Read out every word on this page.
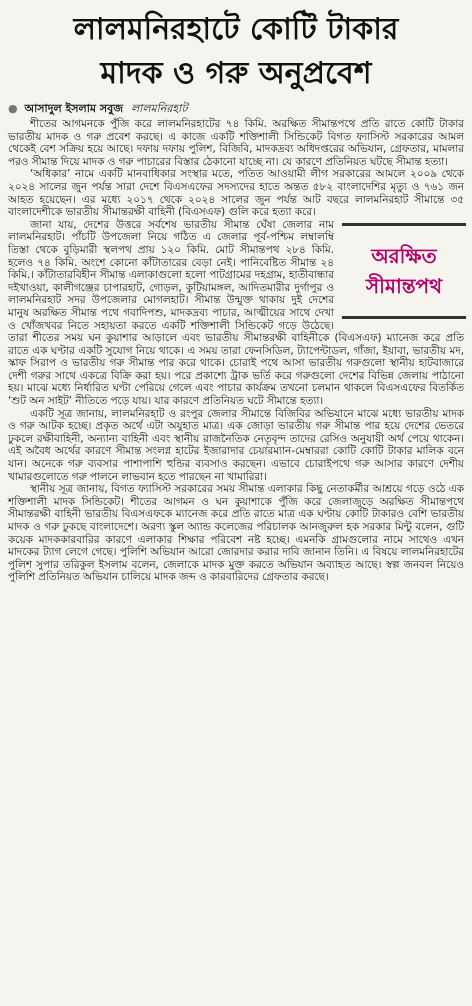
লালমনিরহাটে কোটি টাকার
মাদক ও গরু অনুপ্রবেশ
● আসাদুল ইসলাম সবুজ লালমনিরহাট

শীতের আগমনকে পুঁজি করে লালমনিরহাটের ৭৪ কিমি. অরক্ষিত সীমান্তপথে প্রতি রাতে কোটি টাকার ভারতীয় মাদক ও গরু প্রবেশ করছে। এ কাজে একটি শক্তিশালী সিন্ডিকেট বিগত ফ্যাসিস্ট সরকারের আমল থেকেই বেশ সক্রিয় হয়ে আছে। দফায় দফায় পুলিশ, বিজিবি, মাদকদ্রব্য অধিদপ্তরের অভিযান, গ্রেফতার, মামলার পরও সীমান্ত দিয়ে মাদক ও গরু পাচারের বিস্তার ঠেকানো যাচ্ছে না। যে কারণে প্রতিনিয়ত ঘটছে সীমান্ত হত্যা।

‘অধিকার’ নামে একটি মানবাধিকার সংস্থার মতে, পতিত আওয়ামী লীগ সরকারের আমলে ২০০৯ থেকে ২০২৪ সালের জুন পর্যন্ত সারা দেশে বিএসএফের সদস্যদের হাতে অন্তত ৫৮২ বাংলাদেশির মৃত্যু ও ৭৬১ জন আহত হয়েছেন। এর মধ্যে ২০১৭ থেকে ২০২৪ সালের জুন পর্যন্ত আট বছরে লালমনিরহাট সীমান্তে ৩৫ বাংলাদেশীকে ভারতীয় সীমান্তরক্ষী বাহিনী (বিএসএফ) গুলি করে হত্যা করে।

অরক্ষিত
সীমান্তপথ

জানা যায়, দেশের উত্তরে সর্বশেষ ভারতীয় সীমান্ত ঘেঁষা জেলার নাম লালমনিরহাট। পাঁচটি উপজেলা নিয়ে গঠিত এ জেলার পূর্ব-পশ্চিম লম্বালম্বি তিস্তা থেকে বুড়িমারী স্থলপথ প্রায় ১২০ কিমি. মোট সীমান্তপথ ২৮৪ কিমি. হলেও ৭৪ কিমি. অংশে কোনো কাঁটাতারের বেড়া নেই। পানিবেষ্টিত সীমান্ত ২৪ কিমি.। কাঁটাতারবিহীন সীমান্ত এলাকাগুলো হলো পাটগ্রামের দহগ্রাম, হাতীবান্ধার দইখাওয়া, কালীগঞ্জের চাপারহাট, গোড়ল, কুটিয়ামঙ্গল, আদিতমারীর দুর্গাপুর ও লালমনিরহাট সদর উপজেলার মোগলহাট। সীমান্ত উন্মুক্ত থাকায় দুই দেশের মানুষ অরক্ষিত সীমান্ত পথে গবাদিপশু, মাদকদ্রব্য পাচার, আত্মীয়ের সাথে দেখা ও খোঁজখবর নিতে সহায়তা করতে একটি শক্তিশালী সিন্ডিকেট গড়ে উঠেছে। তারা শীতের সময় ঘন কুয়াশার আড়ালে এবং ভারতীয় সীমান্তরক্ষী বাহিনীকে (বিএসএফ) ম্যানেজ করে প্রতি রাতে এক ঘণ্টার একটি সুযোগ নিয়ে থাকে। এ সময় তারা ফেনসিডিল, ট্যাপেন্টাডল, গাঁজা, ইয়াবা, ভারতীয় মদ, স্কাফ সিরাপ ও ভারতীয় গরু সীমান্ত পার করে থাকে। চোরাই পথে আসা ভারতীয় গরুগুলো স্থানীয় হাটবাজারে দেশী গরুর সাথে একত্রে বিক্রি করা হয়। পরে প্রকাশ্যে ট্রাক ভর্তি করে গরুগুলো দেশের বিভিন্ন জেলায় পাঠানো হয়। মাঝে মধ্যে নির্ধারিত ঘণ্টা পেরিয়ে গেলে এবং পাচার কার্যক্রম তখনো চলমান থাকলে বিএসএফের বিতর্কিত ‘শুট অন সাইট’ নীতিতে পড়ে যায়। যার কারণে প্রতিনিয়ত ঘটে সীমান্তে হত্যা।

একটি সূত্র জানায়, লালমনিরহাট ও রংপুর জেলার সীমান্তে বিজিবির অভিযানে মাঝে মধ্যে ভারতীয় মাদক ও গরু আটক হচ্ছে। প্রকৃত অর্থে এটা অযুহাত মাত্র। এক জোড়া ভারতীয় গরু সীমান্ত পার হয়ে দেশের ভেতরে ঢুকলে রক্ষীবাহিনী, অন্যান্য বাহিনী এবং স্থানীয় রাজনৈতিক নেতৃবৃন্দ তাদের রেসিও অনুযায়ী অর্থ পেয়ে থাকেন। এই অবৈধ অর্থের কারণে সীমান্ত সংলগ্ন হাটের ইজারাদার চেয়ারম্যান-মেম্বাররা কোটি কোটি টাকার মালিক বনে যান। অনেকে গরু ব্যবসার পাশাপাশি হুন্ডির ব্যবসাও করছেন। এভাবে চোরাইপথে গরু আসার কারণে দেশীয় খামারগুলোতে গরু পালনে লাভবান হতে পারছেন না খামারিরা।

স্থানীয় সূত্র জানায়, বিগত ফ্যাসিস্ট সরকারের সময় সীমান্ত এলাকার কিছু নেতাকর্মীর আশ্রয়ে গড়ে ওঠে এক শক্তিশালী মাদক সিন্ডিকেট। শীতের আগমন ও ঘন কুয়াশাকে পুঁজি করে জেলাজুড়ে অরক্ষিত সীমান্তপথে সীমান্তরক্ষী বাহিনী ভারতীয় বিএসএফকে ম্যানেজ করে প্রতি রাতে মাত্র এক ঘণ্টায় কোটি টাকারও বেশি ভারতীয় মাদক ও গরু ঢুকছে বাংলাদেশে। অরণ্য স্কুল অ্যান্ড কলেজের পরিচালক আনজুরুল হক সরকার মিন্টু বলেন, গুটি কয়েক মাদককারবারির কারণে এলাকার শিক্ষার পরিবেশ নষ্ট হচ্ছে। এমনকি গ্রামগুলোর নামে সাথেও এখন মাদকের ট্যাগ লেগে গেছে। পুলিশি অভিযান আরো জোরদার করার দাবি জানান তিনি। এ বিষয়ে লালমনিরহাটের পুলিশ সুপার তরিকুল ইসলাম বলেন, জেলাকে মাদক মুক্ত করতে অভিযান অব্যাহত আছে। স্বল্প জনবল নিয়েও পুলিশি প্রতিনিয়ত অভিযান চালিয়ে মাদক জব্দ ও কারবারিদের গ্রেফতার করছে।
